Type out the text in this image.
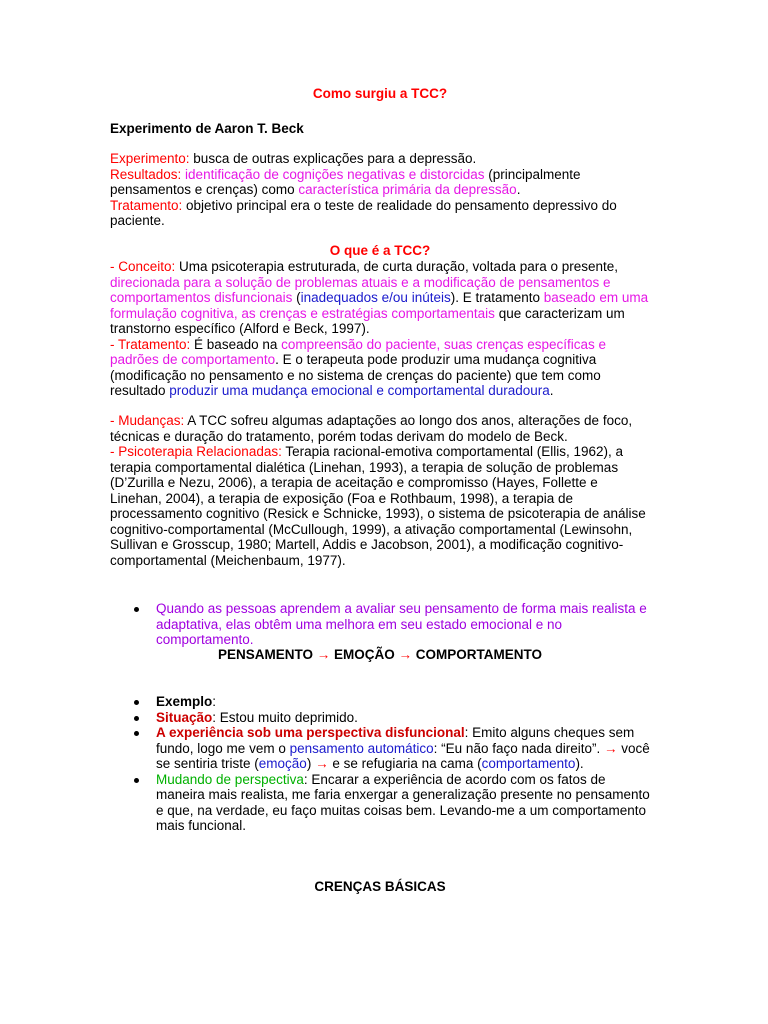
Como surgiu a TCC?

Experimento de Aaron T. Beck

Experimento: busca de outras explicações para a depressão.
Resultados: identificação de cognições negativas e distorcidas (principalmente pensamentos e crenças) como característica primária da depressão.
Tratamento: objetivo principal era o teste de realidade do pensamento depressivo do paciente.

O que é a TCC?

- Conceito: Uma psicoterapia estruturada, de curta duração, voltada para o presente, direcionada para a solução de problemas atuais e a modificação de pensamentos e comportamentos disfuncionais (inadequados e/ou inúteis). E tratamento baseado em uma formulação cognitiva, as crenças e estratégias comportamentais que caracterizam um transtorno específico (Alford e Beck, 1997).
- Tratamento: É baseado na compreensão do paciente, suas crenças específicas e padrões de comportamento. E o terapeuta pode produzir uma mudança cognitiva (modificação no pensamento e no sistema de crenças do paciente) que tem como resultado produzir uma mudança emocional e comportamental duradoura.

- Mudanças: A TCC sofreu algumas adaptações ao longo dos anos, alterações de foco, técnicas e duração do tratamento, porém todas derivam do modelo de Beck.
- Psicoterapia Relacionadas: Terapia racional-emotiva comportamental (Ellis, 1962), a terapia comportamental dialética (Linehan, 1993), a terapia de solução de problemas (D’Zurilla e Nezu, 2006), a terapia de aceitação e compromisso (Hayes, Follette e Linehan, 2004), a terapia de exposição (Foa e Rothbaum, 1998), a terapia de processamento cognitivo (Resick e Schnicke, 1993), o sistema de psicoterapia de análise cognitivo-comportamental (McCullough, 1999), a ativação comportamental (Lewinsohn, Sullivan e Grosscup, 1980; Martell, Addis e Jacobson, 2001), a modificação cognitivo-comportamental (Meichenbaum, 1977).

Quando as pessoas aprendem a avaliar seu pensamento de forma mais realista e adaptativa, elas obtêm uma melhora em seu estado emocional e no comportamento.

PENSAMENTO → EMOÇÃO → COMPORTAMENTO

Exemplo:
Situação: Estou muito deprimido.
A experiência sob uma perspectiva disfuncional: Emito alguns cheques sem fundo, logo me vem o pensamento automático: “Eu não faço nada direito”. → você se sentiria triste (emoção) → e se refugiaria na cama (comportamento).
Mudando de perspectiva: Encarar a experiência de acordo com os fatos de maneira mais realista, me faria enxergar a generalização presente no pensamento e que, na verdade, eu faço muitas coisas bem. Levando-me a um comportamento mais funcional.

CRENÇAS BÁSICAS
